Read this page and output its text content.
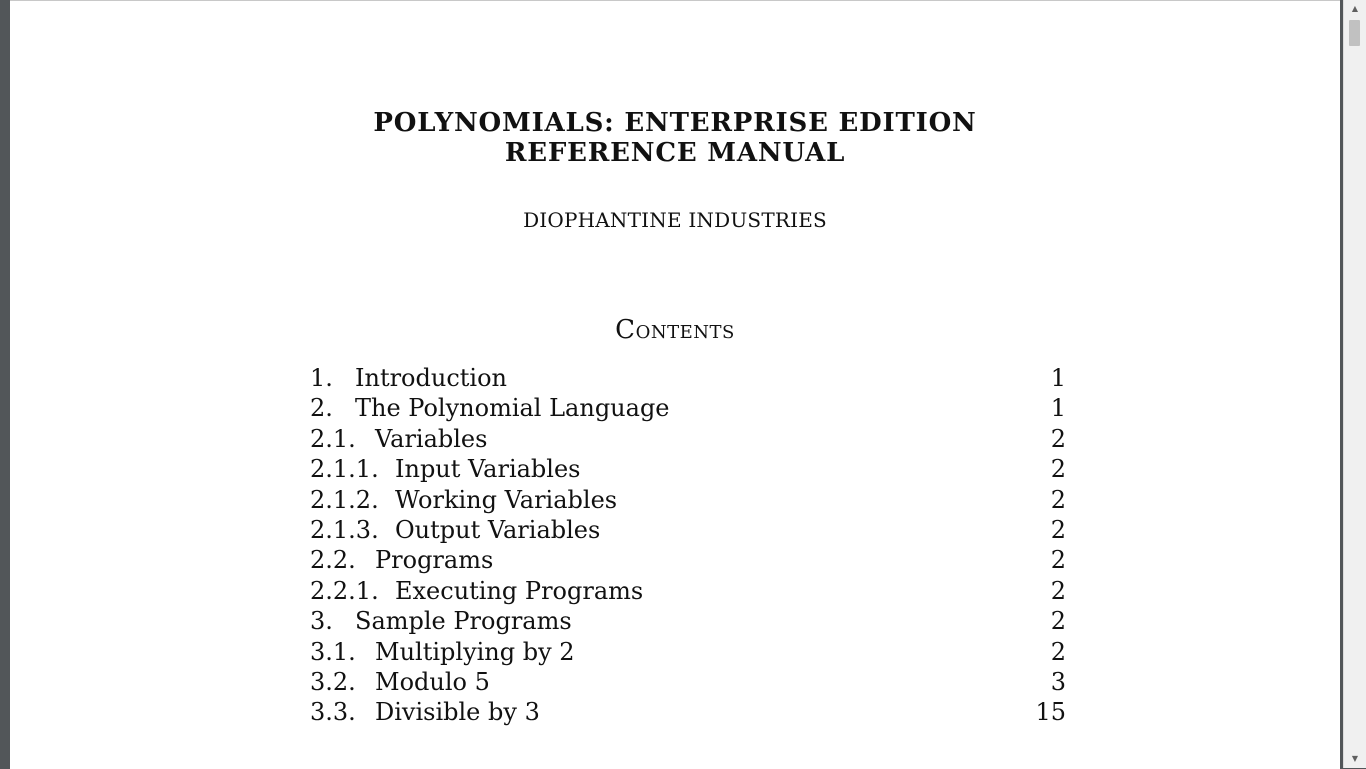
POLYNOMIALS: ENTERPRISE EDITION
REFERENCE MANUAL
DIOPHANTINE INDUSTRIES
Contents
1. Introduction	1
2. The Polynomial Language	1
2.1. Variables	2
2.1.1. Input Variables	2
2.1.2. Working Variables	2
2.1.3. Output Variables	2
2.2. Programs	2
2.2.1. Executing Programs	2
3. Sample Programs	2
3.1. Multiplying by 2	2
3.2. Modulo 5	3
3.3. Divisible by 3	15
▲
▼
